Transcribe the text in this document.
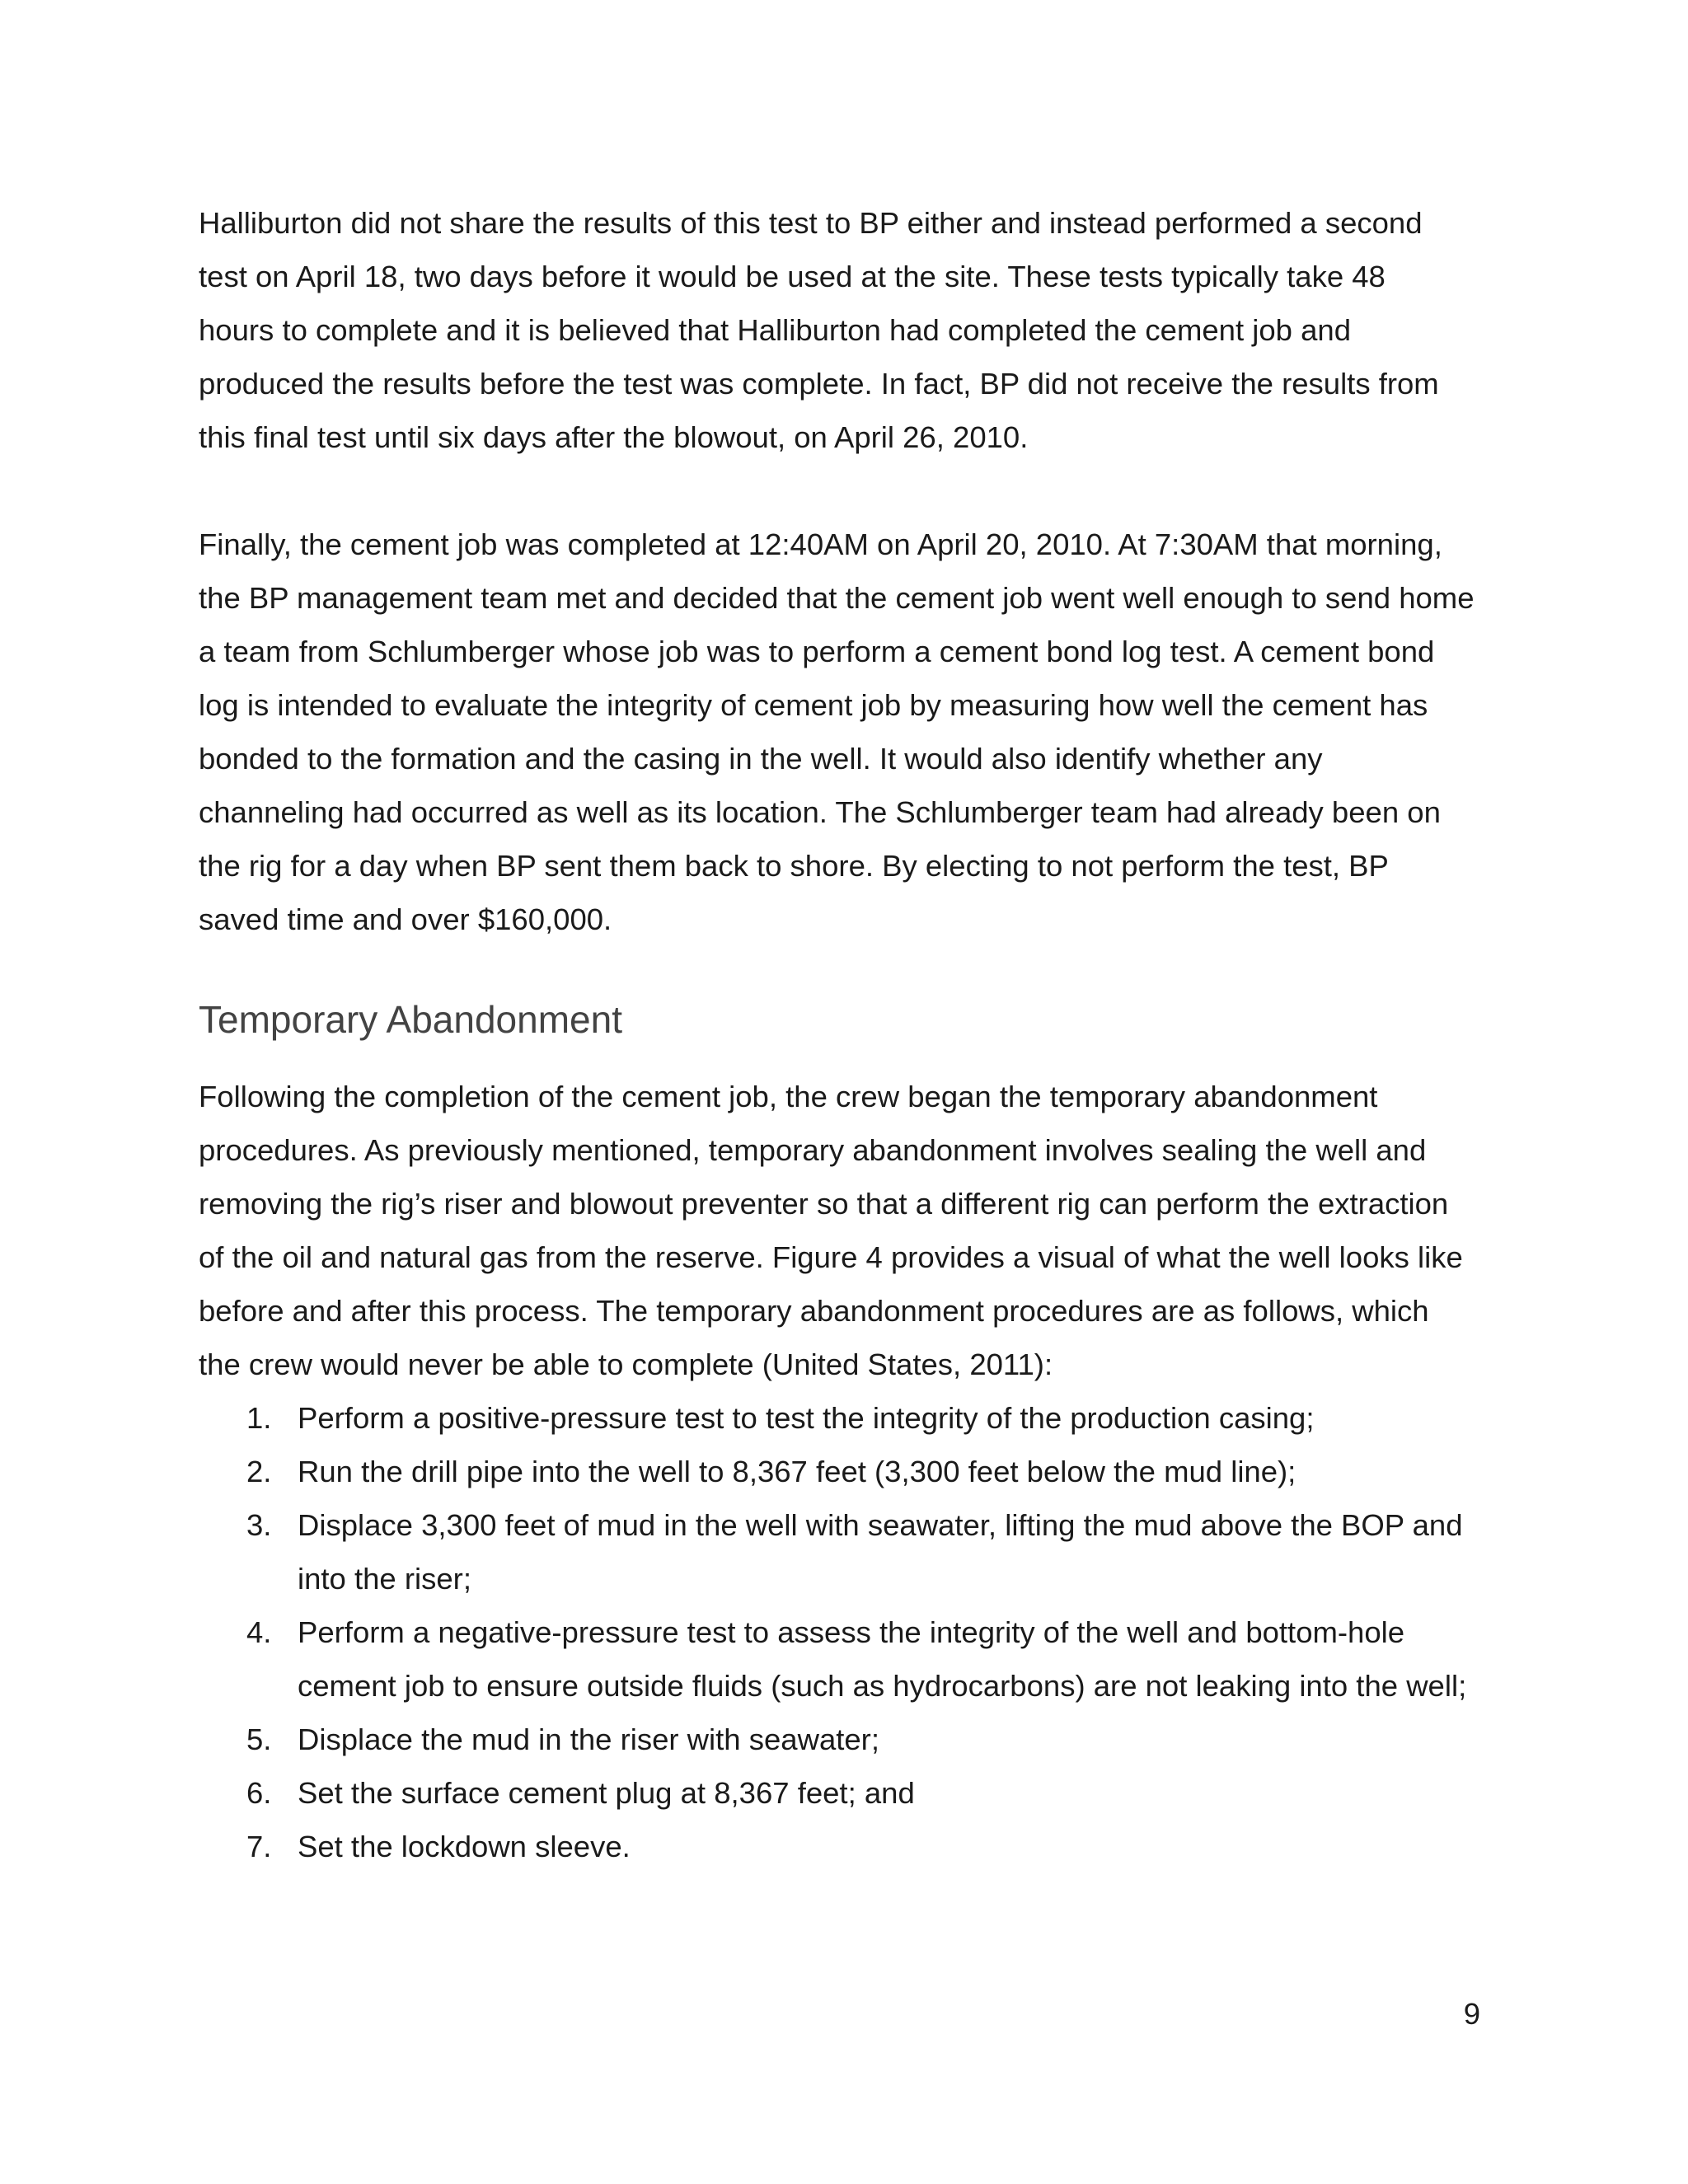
Halliburton did not share the results of this test to BP either and instead performed a second
test on April 18, two days before it would be used at the site. These tests typically take 48
hours to complete and it is believed that Halliburton had completed the cement job and
produced the results before the test was complete. In fact, BP did not receive the results from
this final test until six days after the blowout, on April 26, 2010.

Finally, the cement job was completed at 12:40AM on April 20, 2010. At 7:30AM that morning,
the BP management team met and decided that the cement job went well enough to send home
a team from Schlumberger whose job was to perform a cement bond log test. A cement bond
log is intended to evaluate the integrity of cement job by measuring how well the cement has
bonded to the formation and the casing in the well. It would also identify whether any
channeling had occurred as well as its location. The Schlumberger team had already been on
the rig for a day when BP sent them back to shore. By electing to not perform the test, BP
saved time and over $160,000.

Temporary Abandonment

Following the completion of the cement job, the crew began the temporary abandonment
procedures. As previously mentioned, temporary abandonment involves sealing the well and
removing the rig’s riser and blowout preventer so that a different rig can perform the extraction
of the oil and natural gas from the reserve. Figure 4 provides a visual of what the well looks like
before and after this process. The temporary abandonment procedures are as follows, which
the crew would never be able to complete (United States, 2011):

1. Perform a positive-pressure test to test the integrity of the production casing;
2. Run the drill pipe into the well to 8,367 feet (3,300 feet below the mud line);
3. Displace 3,300 feet of mud in the well with seawater, lifting the mud above the BOP and
into the riser;
4. Perform a negative-pressure test to assess the integrity of the well and bottom-hole
cement job to ensure outside fluids (such as hydrocarbons) are not leaking into the well;
5. Displace the mud in the riser with seawater;
6. Set the surface cement plug at 8,367 feet; and
7. Set the lockdown sleeve.
9
